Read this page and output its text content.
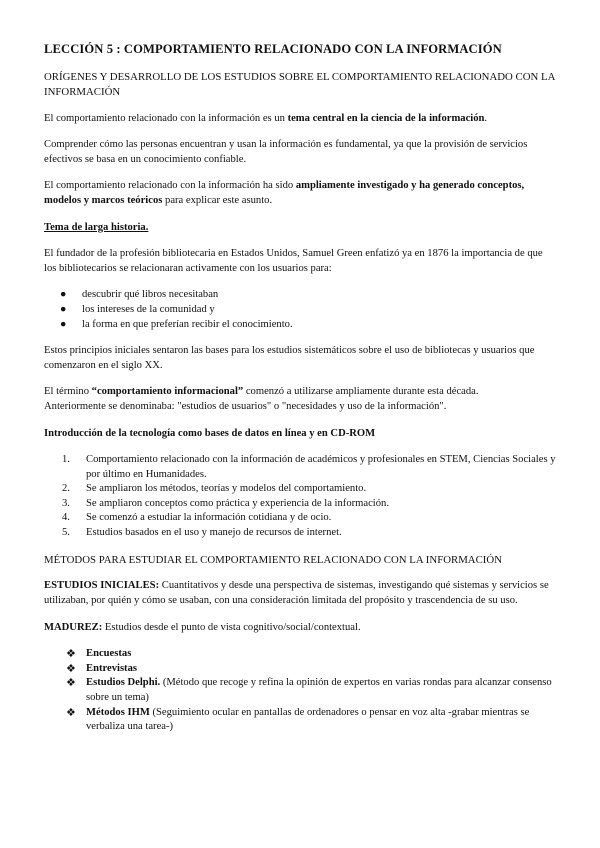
LECCIÓN 5 : COMPORTAMIENTO RELACIONADO CON LA INFORMACIÓN

ORÍGENES Y DESARROLLO DE LOS ESTUDIOS SOBRE EL COMPORTAMIENTO RELACIONADO CON LA INFORMACIÓN

El comportamiento relacionado con la información es un tema central en la ciencia de la información.

Comprender cómo las personas encuentran y usan la información es fundamental, ya que la provisión de servicios efectivos se basa en un conocimiento confiable.

El comportamiento relacionado con la información ha sido ampliamente investigado y ha generado conceptos, modelos y marcos teóricos para explicar este asunto.

Tema de larga historia.

El fundador de la profesión bibliotecaria en Estados Unidos, Samuel Green enfatizó ya en 1876 la importancia de que los bibliotecarios se relacionaran activamente con los usuarios para:

● descubrir qué libros necesitaban
● los intereses de la comunidad y
● la forma en que preferían recibir el conocimiento.

Estos principios iniciales sentaron las bases para los estudios sistemáticos sobre el uso de bibliotecas y usuarios que comenzaron en el siglo XX.

El término “comportamiento informacional” comenzó a utilizarse ampliamente durante esta década.
Anteriormente se denominaba: "estudios de usuarios" o "necesidades y uso de la información".

Introducción de la tecnología como bases de datos en línea y en CD-ROM

1. Comportamiento relacionado con la información de académicos y profesionales en STEM, Ciencias Sociales y por último en Humanidades.
2. Se ampliaron los métodos, teorías y modelos del comportamiento.
3. Se ampliaron conceptos como práctica y experiencia de la información.
4. Se comenzó a estudiar la información cotidiana y de ocio.
5. Estudios basados en el uso y manejo de recursos de internet.

MÉTODOS PARA ESTUDIAR EL COMPORTAMIENTO RELACIONADO CON LA INFORMACIÓN

ESTUDIOS INICIALES: Cuantitativos y desde una perspectiva de sistemas, investigando qué sistemas y servicios se utilizaban, por quién y cómo se usaban, con una consideración limitada del propósito y trascendencia de su uso.

MADUREZ: Estudios desde el punto de vista cognitivo/social/contextual.

❖ Encuestas
❖ Entrevistas
❖ Estudios Delphi. (Método que recoge y refina la opinión de expertos en varias rondas para alcanzar consenso sobre un tema)
❖ Métodos IHM (Seguimiento ocular en pantallas de ordenadores o pensar en voz alta -grabar mientras se verbaliza una tarea-)
